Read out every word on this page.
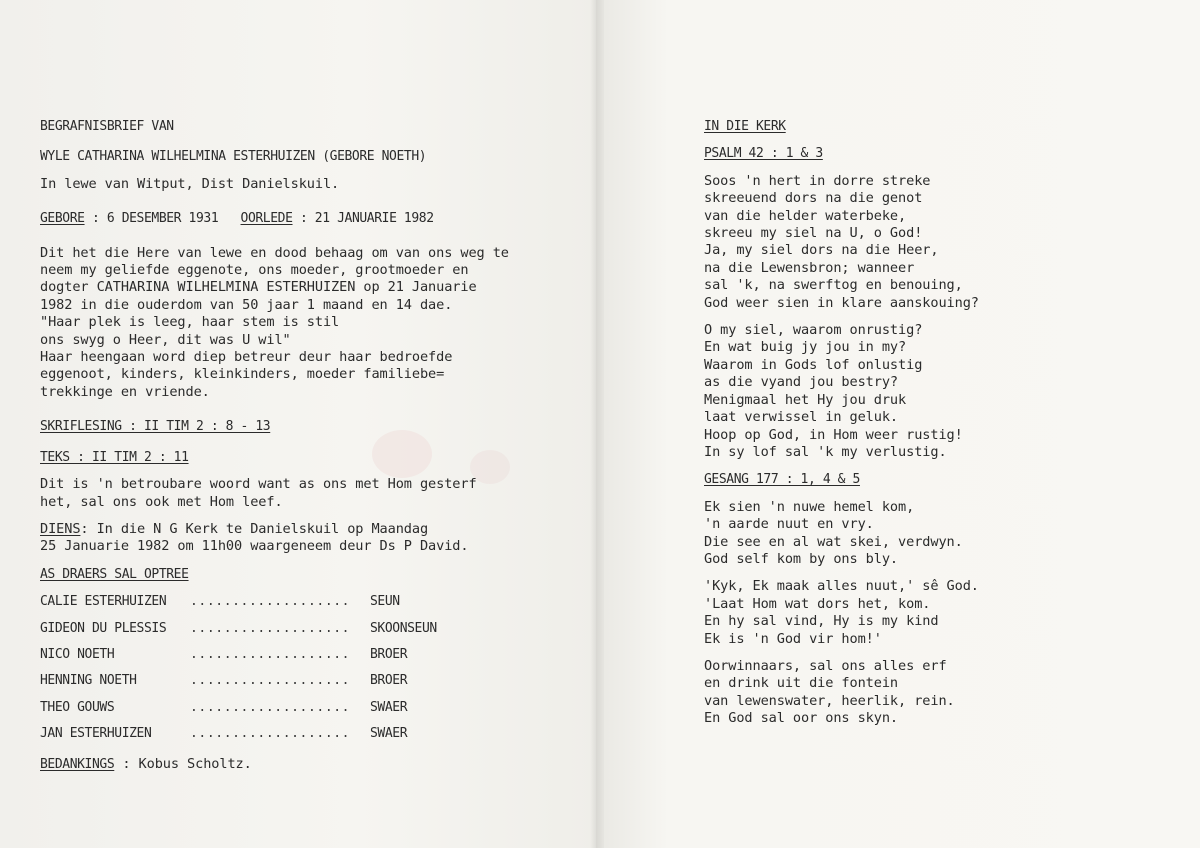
BEGRAFNISBRIEF VAN
WYLE CATHARINA WILHELMINA ESTERHUIZEN (GEBORE NOETH)
In lewe van Witput, Dist Danielskuil.
GEBORE : 6 DESEMBER 1931 OORLEDE : 21 JANUARIE 1982
Dit het die Here van lewe en dood behaag om van ons weg te
neem my geliefde eggenote, ons moeder, grootmoeder en
dogter CATHARINA WILHELMINA ESTERHUIZEN op 21 Januarie
1982 in die ouderdom van 50 jaar 1 maand en 14 dae.
"Haar plek is leeg, haar stem is stil
ons swyg o Heer, dit was U wil"
Haar heengaan word diep betreur deur haar bedroefde
eggenoot, kinders, kleinkinders, moeder familiebe=
trekkinge en vriende.
SKRIFLESING : II TIM 2 : 8 - 13
TEKS : II TIM 2 : 11
Dit is 'n betroubare woord want as ons met Hom gesterf
het, sal ons ook met Hom leef.
DIENS: In die N G Kerk te Danielskuil op Maandag
25 Januarie 1982 om 11h00 waargeneem deur Ds P David.
AS DRAERS SAL OPTREE
CALIE ESTERHUIZEN	...................	SEUN
GIDEON DU PLESSIS	...................	SKOONSEUN
NICO NOETH	...................	BROER
HENNING NOETH	...................	BROER
THEO GOUWS	...................	SWAER
JAN ESTERHUIZEN	...................	SWAER
BEDANKINGS : Kobus Scholtz.
IN DIE KERK
PSALM 42 : 1 & 3
Soos 'n hert in dorre streke
skreeuend dors na die genot
van die helder waterbeke,
skreeu my siel na U, o God!
Ja, my siel dors na die Heer,
na die Lewensbron; wanneer
sal 'k, na swerftog en benouing,
God weer sien in klare aanskouing?
O my siel, waarom onrustig?
En wat buig jy jou in my?
Waarom in Gods lof onlustig
as die vyand jou bestry?
Menigmaal het Hy jou druk
laat verwissel in geluk.
Hoop op God, in Hom weer rustig!
In sy lof sal 'k my verlustig.
GESANG 177 : 1, 4 & 5
Ek sien 'n nuwe hemel kom,
'n aarde nuut en vry.
Die see en al wat skei, verdwyn.
God self kom by ons bly.
'Kyk, Ek maak alles nuut,' sê God.
'Laat Hom wat dors het, kom.
En hy sal vind, Hy is my kind
Ek is 'n God vir hom!'
Oorwinnaars, sal ons alles erf
en drink uit die fontein
van lewenswater, heerlik, rein.
En God sal oor ons skyn.
